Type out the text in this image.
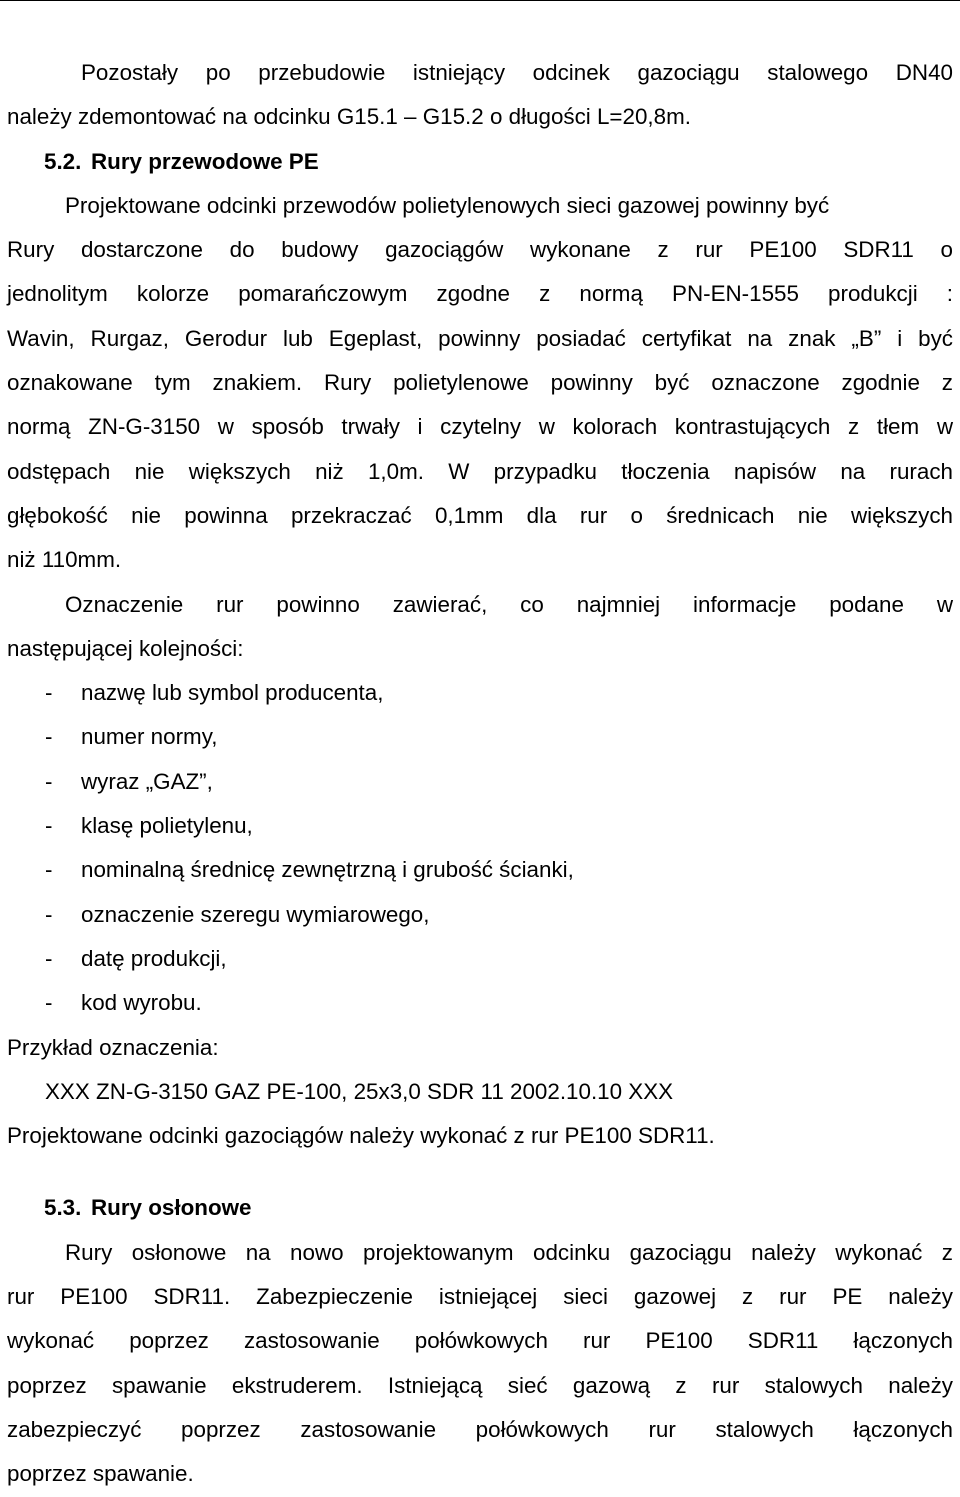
Pozostały po przebudowie istniejący odcinek gazociągu stalowego DN40
należy zdemontować na odcinku G15.1 – G15.2 o długości L=20,8m.
5.2. Rury przewodowe PE
Projektowane odcinki przewodów polietylenowych sieci gazowej powinny być
Rury dostarczone do budowy gazociągów wykonane z rur PE100 SDR11 o
jednolitym kolorze pomarańczowym zgodne z normą PN-EN-1555 produkcji :
Wavin, Rurgaz, Gerodur lub Egeplast, powinny posiadać certyfikat na znak „B” i być
oznakowane tym znakiem. Rury polietylenowe powinny być oznaczone zgodnie z
normą ZN-G-3150 w sposób trwały i czytelny w kolorach kontrastujących z tłem w
odstępach nie większych niż 1,0m. W przypadku tłoczenia napisów na rurach
głębokość nie powinna przekraczać 0,1mm dla rur o średnicach nie większych
niż 110mm.
Oznaczenie rur powinno zawierać, co najmniej informacje podane w
następującej kolejności:
- nazwę lub symbol producenta,
- numer normy,
- wyraz „GAZ”,
- klasę polietylenu,
- nominalną średnicę zewnętrzną i grubość ścianki,
- oznaczenie szeregu wymiarowego,
- datę produkcji,
- kod wyrobu.
Przykład oznaczenia:
XXX ZN-G-3150 GAZ PE-100, 25x3,0 SDR 11 2002.10.10 XXX
Projektowane odcinki gazociągów należy wykonać z rur PE100 SDR11.
5.3. Rury osłonowe
Rury osłonowe na nowo projektowanym odcinku gazociągu należy wykonać z
rur PE100 SDR11. Zabezpieczenie istniejącej sieci gazowej z rur PE należy
wykonać poprzez zastosowanie połówkowych rur PE100 SDR11 łączonych
poprzez spawanie ekstruderem. Istniejącą sieć gazową z rur stalowych należy
zabezpieczyć poprzez zastosowanie połówkowych rur stalowych łączonych
poprzez spawanie.
